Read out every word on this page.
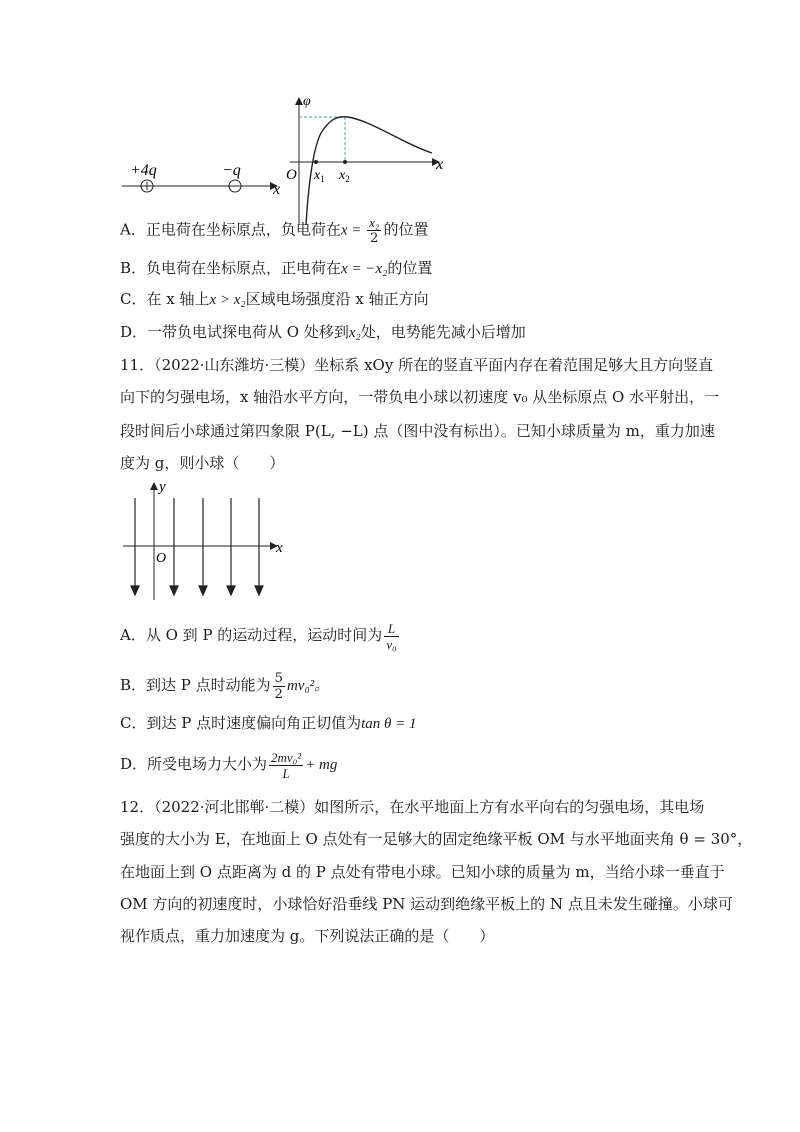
+4q	−q
x
φ
x
O $x_1$ $x_2$
A．正电荷在坐标原点，负电荷在$x = \frac{\text{x₂}}{2}$ 的位置
B．负电荷在坐标原点，正电荷在x = −x₂的位置
C．在 x 轴上x > x₂区域电场强度沿 x 轴正方向
D．一带负电试探电荷从 O 处移到x₂处，电势能先减小后增加
11．（2022·山东潍坊·三模）坐标系 xOy 所在的竖直平面内存在着范围足够大且方向竖直
向下的匀强电场，x 轴沿水平方向，一带负电小球以初速度 v₀ 从坐标原点 O 水平射出，一
段时间后小球通过第四象限 P(L, −L) 点（图中没有标出）。已知小球质量为 m，重力加速
度为 g，则小球（　　）
y
x
O
A．从 O 到 P 的运动过程，运动时间为 $\frac{L}{\text{v₀}}$
B．到达 P 点时动能为 $\frac{5}{2} mv_0^2$。
C．到达 P 点时速度偏向角正切值为tan θ = 1
D．所受电场力大小为 $\frac{\text{2mv₀²}}{L}$ + mg
12．（2022·河北邯郸·二模）如图所示，在水平地面上方有水平向右的匀强电场，其电场
强度的大小为 E，在地面上 O 点处有一足够大的固定绝缘平板 OM 与水平地面夹角 θ = 30°，
在地面上到 O 点距离为 d 的 P 点处有带电小球。已知小球的质量为 m，当给小球一垂直于
OM 方向的初速度时，小球恰好沿垂线 PN 运动到绝缘平板上的 N 点且未发生碰撞。小球可
视作质点，重力加速度为 g。下列说法正确的是（　　）
